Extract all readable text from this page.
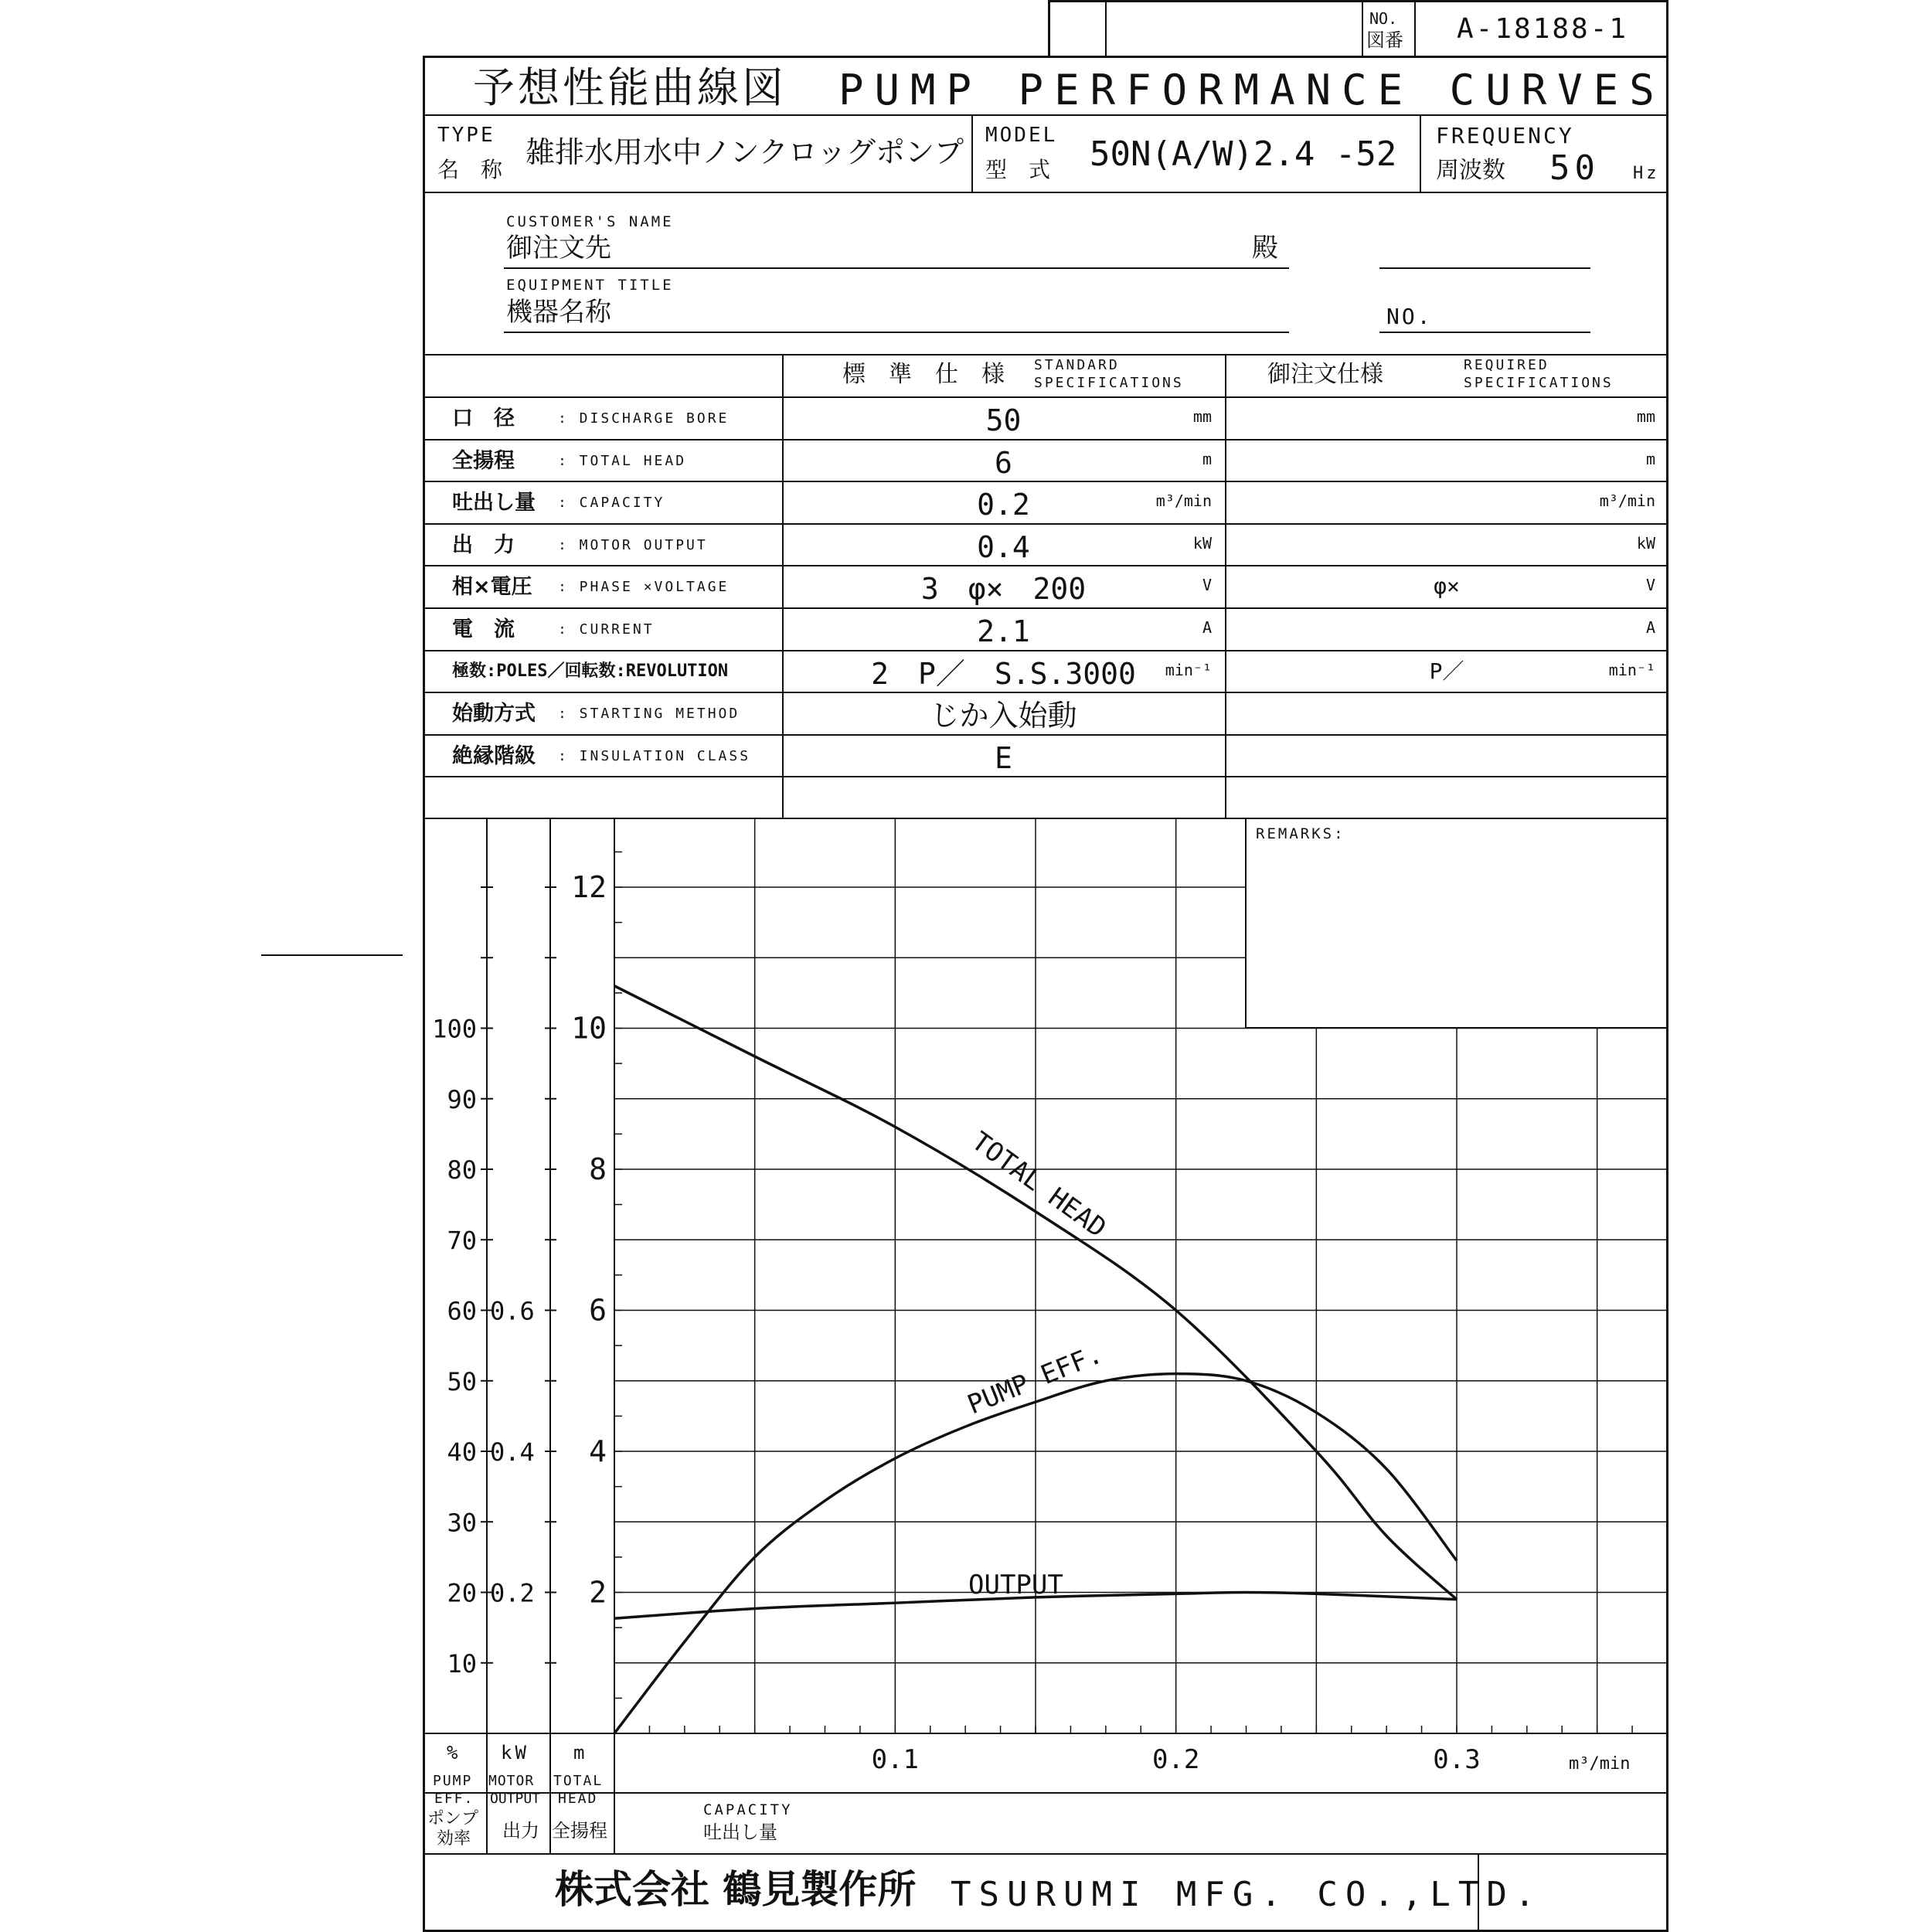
NO.
図番 A-18188-1
予想性能曲線図 PUMP PERFORMANCE CURVES
TYPE
名　称
雑排水用水中ノンクロッグポンプ MODEL
型　式 50N(A/W)2.4 -52 FREQUENCY
周波数 50 Hz
CUSTOMER'S NAME
御注文先	殿
EQUIPMENT TITLE
機器名称	NO.
標　準　仕　様 STANDARD
SPECIFICATIONS	御注文仕様	REQUIRED
SPECIFICATIONS
口　径	: DISCHARGE BORE	50	mm	mm
全揚程	: TOTAL HEAD	6	m	m
吐出し量 : CAPACITY	0.2	m³/min	m³/min
出　力	: MOTOR OUTPUT	0.4	kW	kW
相×電圧 : PHASE ×VOLTAGE	3　φ×　200	V	φ×	V
電　流	: CURRENT	2.1	A	A
極数:POLES／回転数:REVOLUTION	2　P／　S.S.3000	min⁻¹	P／	min⁻¹
始動方式 : STARTING METHOD	じか入始動
絶縁階級 : INSULATION CLASS	E
2
4
6
8
10
12
10
20
30
40
50
60
70
80
90
100
0.2
0.4
0.6
0.1	0.2	0.3
TOTAL HEAD
PUMP EFF.
OUTPUT
REMARKS:
% kW m
PUMP
EFF.
ポンプ
効率
MOTOR
OUTPUT
出力
TOTAL
HEAD
全揚程
CAPACITY
吐出し量
m³/min
株式会社 鶴見製作所 TSURUMI MFG. CO.,LTD.
